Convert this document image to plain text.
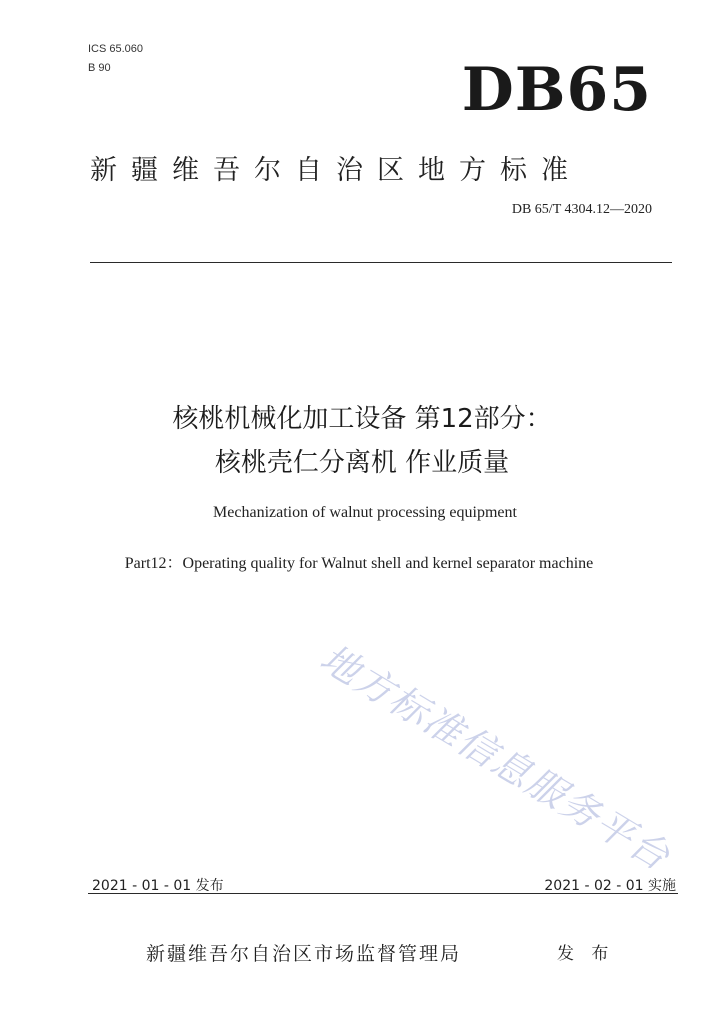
ICS 65.060
B 90	DB65
新疆维吾尔自治区地方标准
DB 65/T 4304.12—2020
核桃机械化加工设备 第12部分：
核桃壳仁分离机 作业质量
Mechanization of walnut processing equipment
Part12：Operating quality for Walnut shell and kernel separator machine
地方标准信息服务平台
2021 - 01 - 01 发布	2021 - 02 - 01 实施
新疆维吾尔自治区市场监督管理局	发 布
